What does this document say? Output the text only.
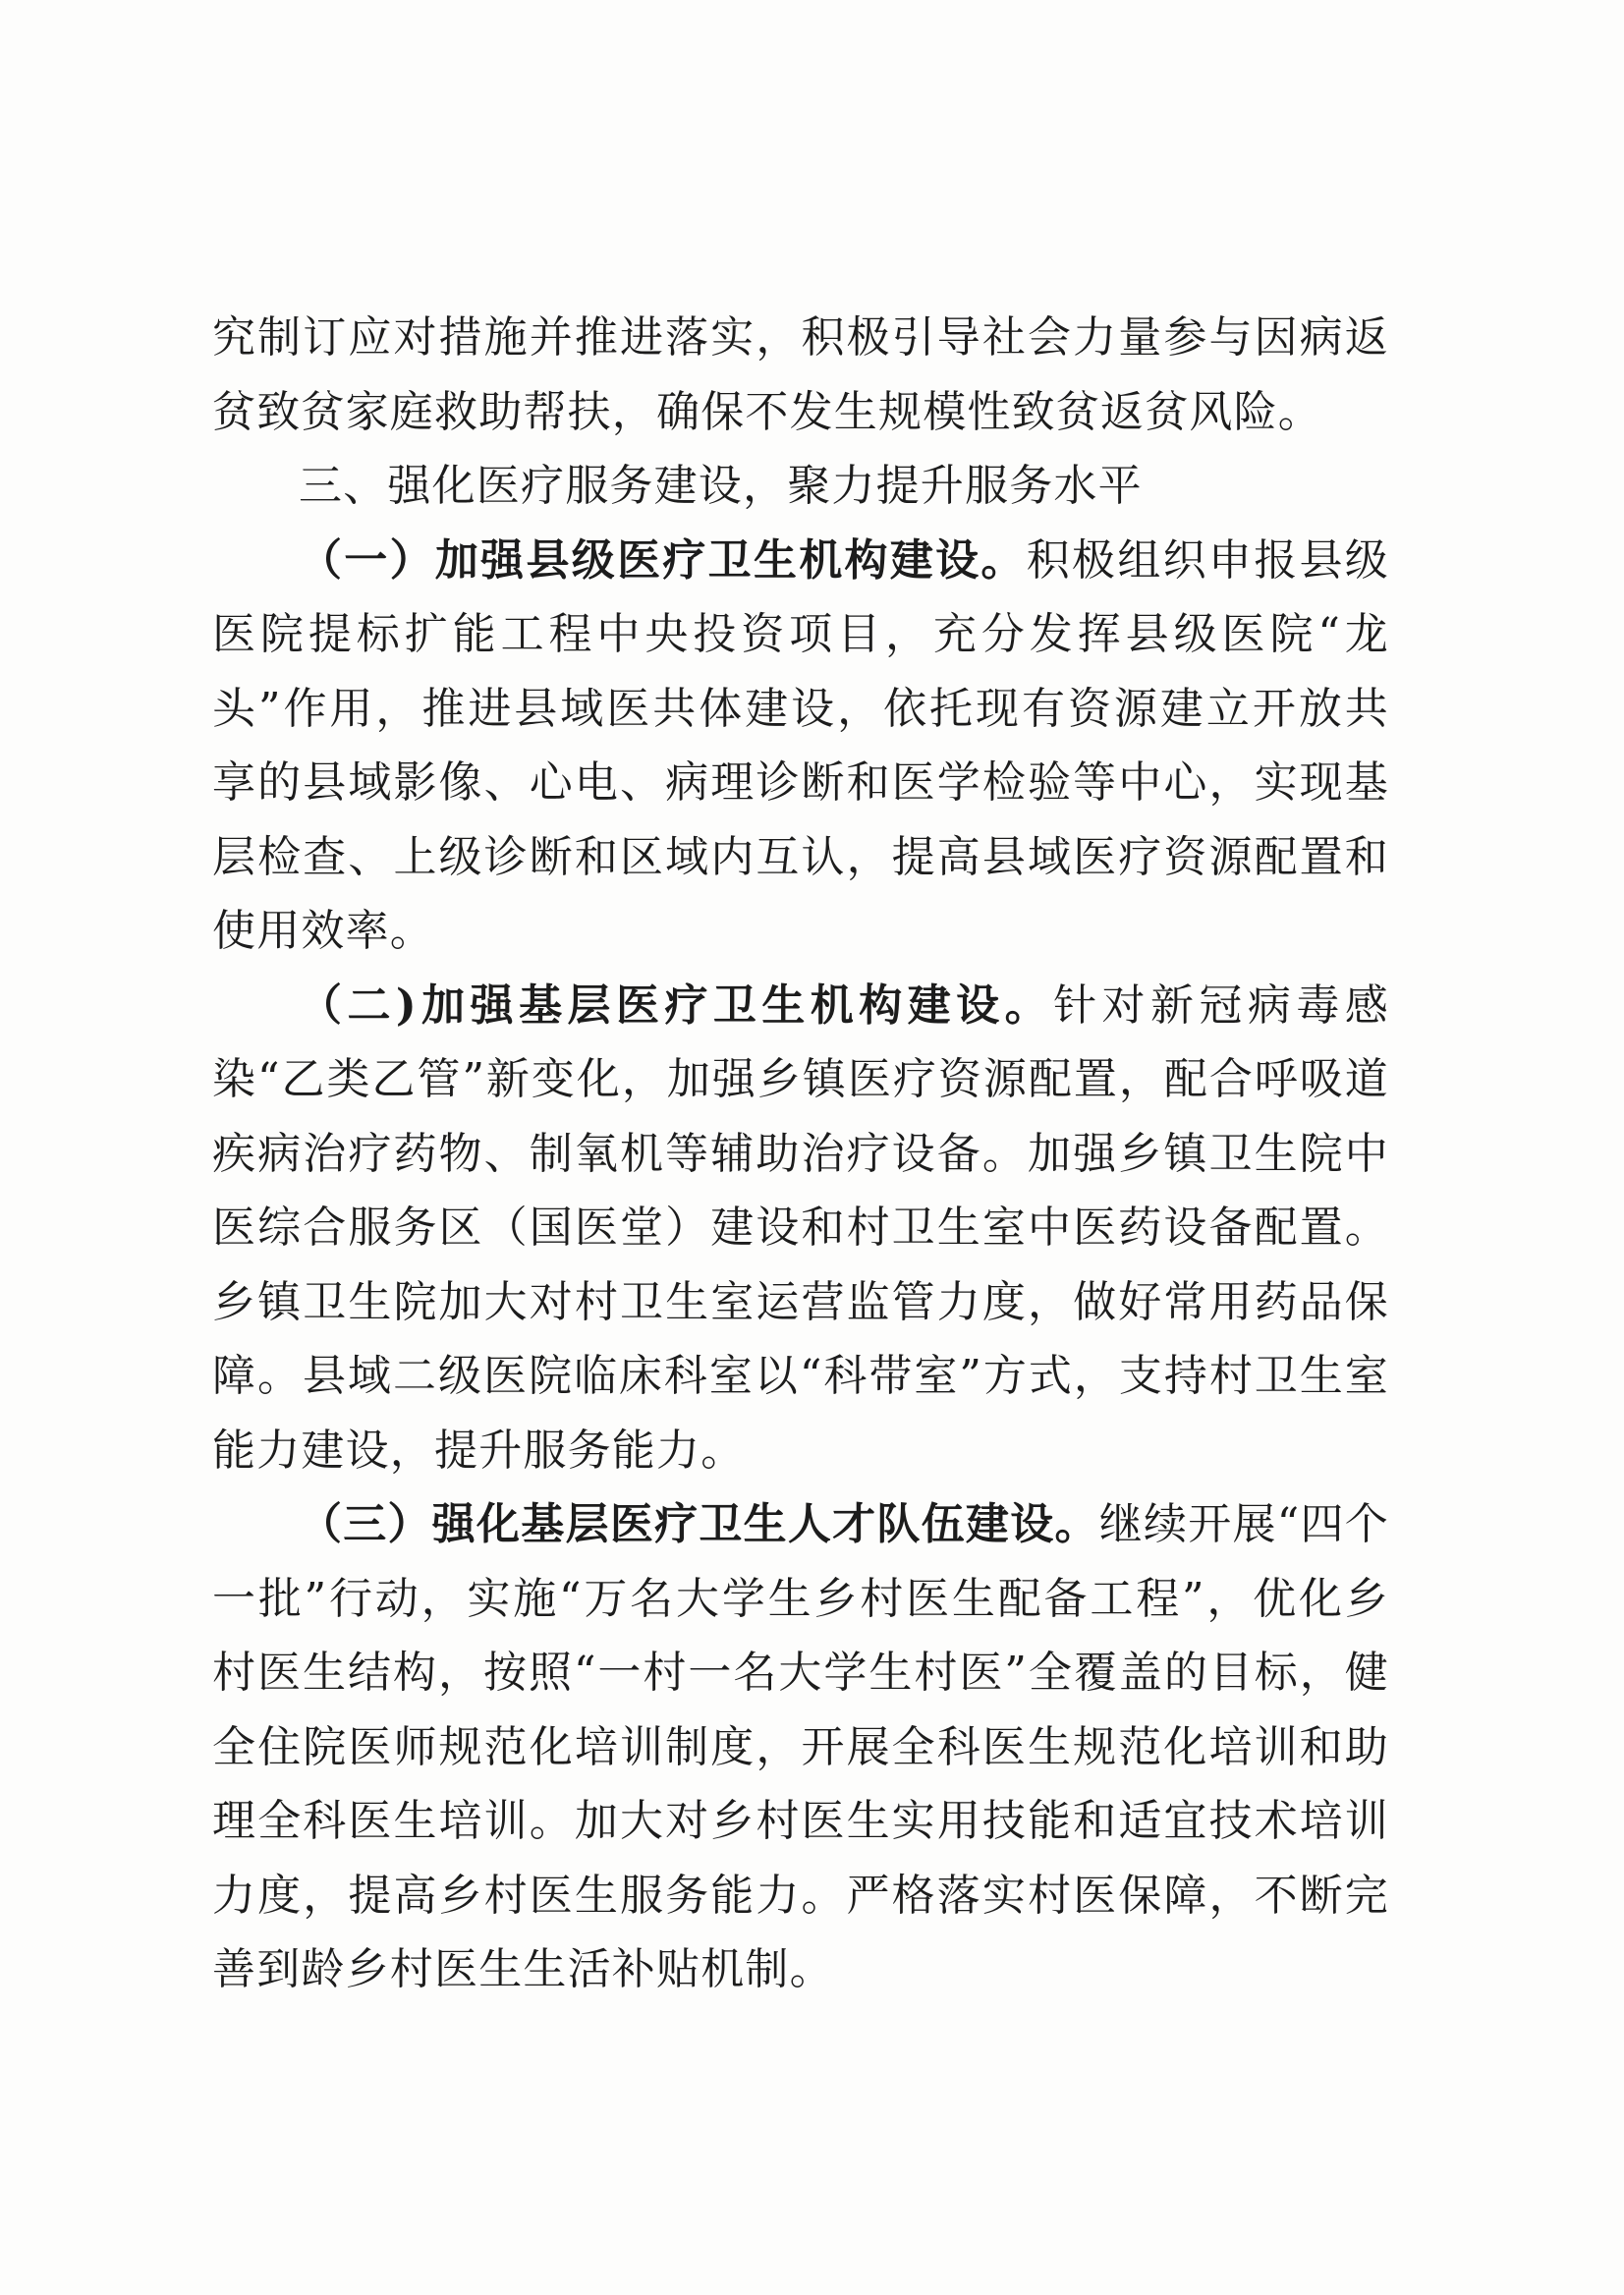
究制订应对措施并推进落实，积极引导社会力量参与因病返贫致贫家庭救助帮扶，确保不发生规模性致贫返贫风险。

三、强化医疗服务建设，聚力提升服务水平

（一）加强县级医疗卫生机构建设。积极组织申报县级医院提标扩能工程中央投资项目，充分发挥县级医院“龙头”作用，推进县域医共体建设，依托现有资源建立开放共享的县域影像、心电、病理诊断和医学检验等中心，实现基层检查、上级诊断和区域内互认，提高县域医疗资源配置和使用效率。

（二)加强基层医疗卫生机构建设。针对新冠病毒感染“乙类乙管”新变化，加强乡镇医疗资源配置，配合呼吸道疾病治疗药物、制氧机等辅助治疗设备。加强乡镇卫生院中医综合服务区（国医堂）建设和村卫生室中医药设备配置。乡镇卫生院加大对村卫生室运营监管力度，做好常用药品保障。县域二级医院临床科室以“科带室”方式，支持村卫生室能力建设，提升服务能力。

（三）强化基层医疗卫生人才队伍建设。继续开展“四个一批”行动，实施“万名大学生乡村医生配备工程”，优化乡村医生结构，按照“一村一名大学生村医”全覆盖的目标，健全住院医师规范化培训制度，开展全科医生规范化培训和助理全科医生培训。加大对乡村医生实用技能和适宜技术培训力度，提高乡村医生服务能力。严格落实村医保障，不断完善到龄乡村医生生活补贴机制。
